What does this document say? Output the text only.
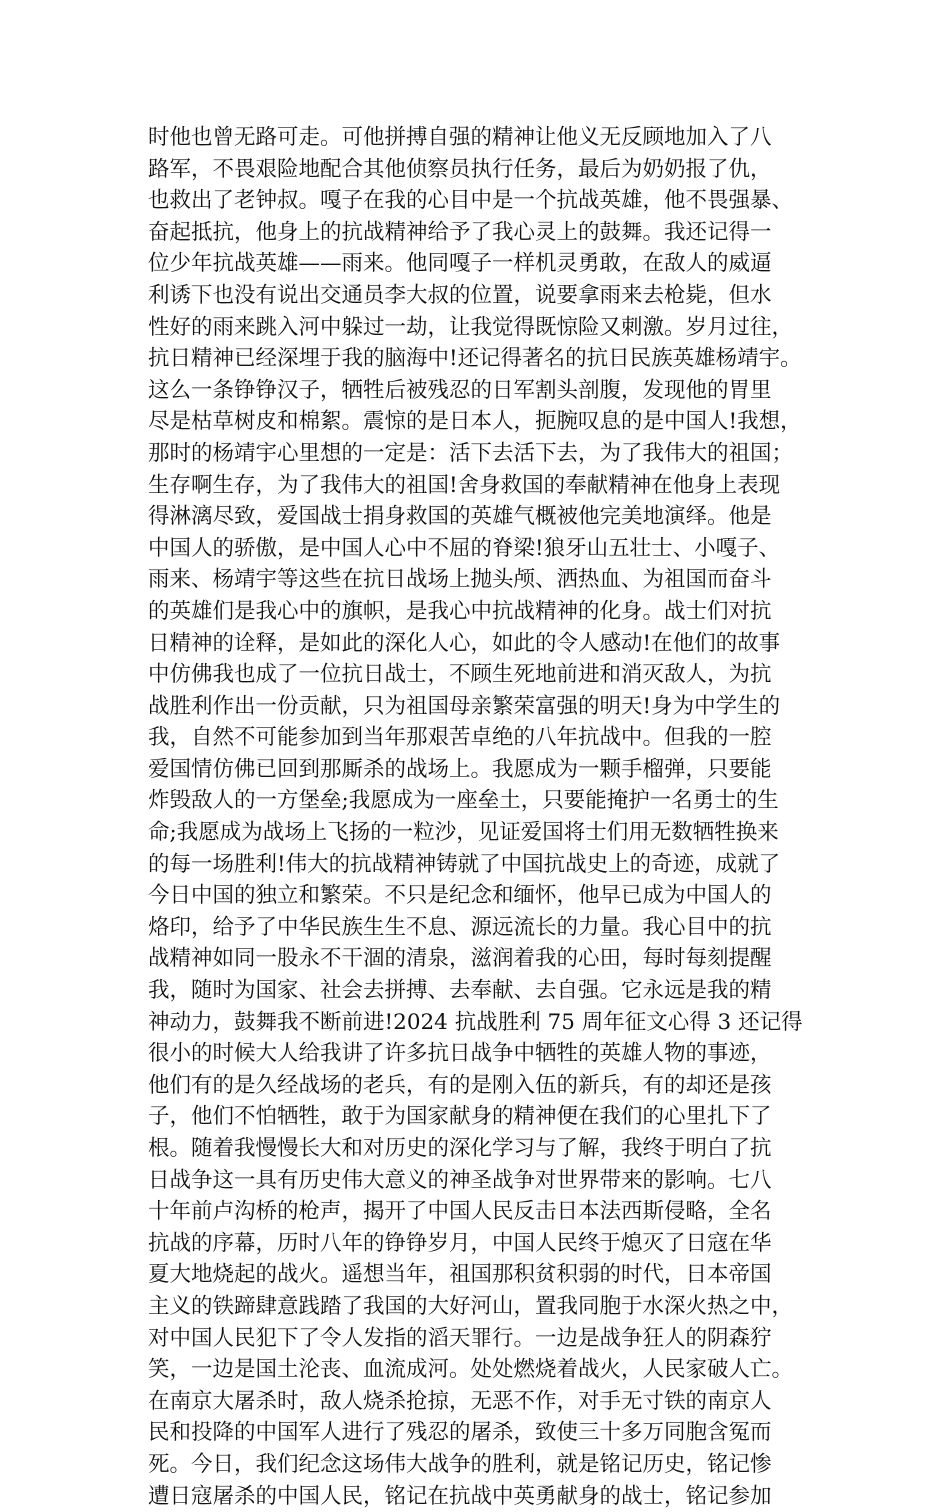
时他也曾无路可走。可他拼搏自强的精神让他义无反顾地加入了八
路军，不畏艰险地配合其他侦察员执行任务，最后为奶奶报了仇，
也救出了老钟叔。嘎子在我的心目中是一个抗战英雄，他不畏强暴、
奋起抵抗，他身上的抗战精神给予了我心灵上的鼓舞。我还记得一
位少年抗战英雄——雨来。他同嘎子一样机灵勇敢，在敌人的威逼
利诱下也没有说出交通员李大叔的位置，说要拿雨来去枪毙，但水
性好的雨来跳入河中躲过一劫，让我觉得既惊险又刺激。岁月过往，
抗日精神已经深埋于我的脑海中!还记得著名的抗日民族英雄杨靖宇。
这么一条铮铮汉子，牺牲后被残忍的日军割头剖腹，发现他的胃里
尽是枯草树皮和棉絮。震惊的是日本人，扼腕叹息的是中国人!我想，
那时的杨靖宇心里想的一定是：活下去活下去，为了我伟大的祖国；
生存啊生存，为了我伟大的祖国!舍身救国的奉献精神在他身上表现
得淋漓尽致，爱国战士捐身救国的英雄气概被他完美地演绎。他是
中国人的骄傲，是中国人心中不屈的脊梁!狼牙山五壮士、小嘎子、
雨来、杨靖宇等这些在抗日战场上抛头颅、洒热血、为祖国而奋斗
的英雄们是我心中的旗帜，是我心中抗战精神的化身。战士们对抗
日精神的诠释，是如此的深化人心，如此的令人感动!在他们的故事
中仿佛我也成了一位抗日战士，不顾生死地前进和消灭敌人，为抗
战胜利作出一份贡献，只为祖国母亲繁荣富强的明天!身为中学生的
我，自然不可能参加到当年那艰苦卓绝的八年抗战中。但我的一腔
爱国情仿佛已回到那厮杀的战场上。我愿成为一颗手榴弹，只要能
炸毁敌人的一方堡垒;我愿成为一座垒土，只要能掩护一名勇士的生
命;我愿成为战场上飞扬的一粒沙，见证爱国将士们用无数牺牲换来
的每一场胜利!伟大的抗战精神铸就了中国抗战史上的奇迹，成就了
今日中国的独立和繁荣。不只是纪念和缅怀，他早已成为中国人的
烙印，给予了中华民族生生不息、源远流长的力量。我心目中的抗
战精神如同一股永不干涸的清泉，滋润着我的心田，每时每刻提醒
我，随时为国家、社会去拼搏、去奉献、去自强。它永远是我的精
神动力，鼓舞我不断前进!2024 抗战胜利 75 周年征文心得 3 还记得
很小的时候大人给我讲了许多抗日战争中牺牲的英雄人物的事迹，
他们有的是久经战场的老兵，有的是刚入伍的新兵，有的却还是孩
子，他们不怕牺牲，敢于为国家献身的精神便在我们的心里扎下了
根。随着我慢慢长大和对历史的深化学习与了解，我终于明白了抗
日战争这一具有历史伟大意义的神圣战争对世界带来的影响。七八
十年前卢沟桥的枪声，揭开了中国人民反击日本法西斯侵略，全名
抗战的序幕，历时八年的铮铮岁月，中国人民终于熄灭了日寇在华
夏大地烧起的战火。遥想当年，祖国那积贫积弱的时代，日本帝国
主义的铁蹄肆意践踏了我国的大好河山，置我同胞于水深火热之中，
对中国人民犯下了令人发指的滔天罪行。一边是战争狂人的阴森狞
笑，一边是国土沦丧、血流成河。处处燃烧着战火，人民家破人亡。
在南京大屠杀时，敌人烧杀抢掠，无恶不作，对手无寸铁的南京人
民和投降的中国军人进行了残忍的屠杀，致使三十多万同胞含冤而
死。今日，我们纪念这场伟大战争的胜利，就是铭记历史，铭记惨
遭日寇屠杀的中国人民，铭记在抗战中英勇献身的战士，铭记参加
